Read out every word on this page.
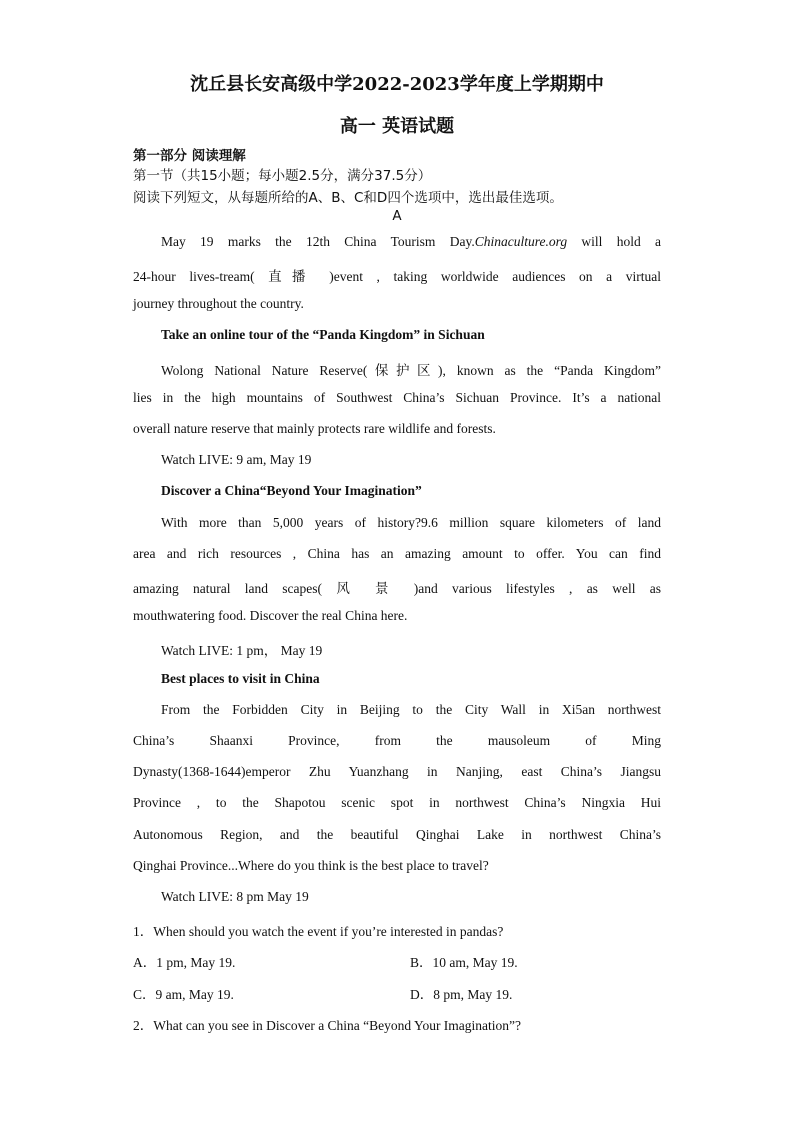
沈丘县长安高级中学2022-2023学年度上学期期中
高一 英语试题
第一部分 阅读理解
第一节（共15小题；每小题2.5分，满分37.5分）
阅读下列短文，从每题所给的A、B、C和D四个选项中，选出最佳选项。
A
May 19 marks the 12th China Tourism Day.Chinaculture.org will hold a
24-hour lives-tream( 直播 )event , taking worldwide audiences on a virtual
journey throughout the country.
Take an online tour of the “Panda Kingdom” in Sichuan
Wolong National Nature Reserve(保护区), known as the “Panda Kingdom”
lies in the high mountains of Southwest China’s Sichuan Province. It’s a national
overall nature reserve that mainly protects rare wildlife and forests.
Watch LIVE: 9 am, May 19
Discover a China“Beyond Your Imagination”
With more than 5,000 years of history?9.6 million square kilometers of land
area and rich resources , China has an amazing amount to offer. You can find
amazing natural land scapes( 风 景 )and various lifestyles , as well as
mouthwatering food. Discover the real China here.
Watch LIVE: 1 pm， May 19
Best places to visit in China
From the Forbidden City in Beijing to the City Wall in Xi5an northwest
China’s Shaanxi Province, from the mausoleum of Ming
Dynasty(1368-1644)emperor Zhu Yuanzhang in Nanjing, east China’s Jiangsu
Province , to the Shapotou scenic spot in northwest China’s Ningxia Hui
Autonomous Region, and the beautiful Qinghai Lake in northwest China’s
Qinghai Province...Where do you think is the best place to travel?
Watch LIVE: 8 pm May 19
1．When should you watch the event if you’re interested in pandas?
A．1 pm, May 19.	B．10 am, May 19.
C．9 am, May 19.	D．8 pm, May 19.
2．What can you see in Discover a China “Beyond Your Imagination”?
